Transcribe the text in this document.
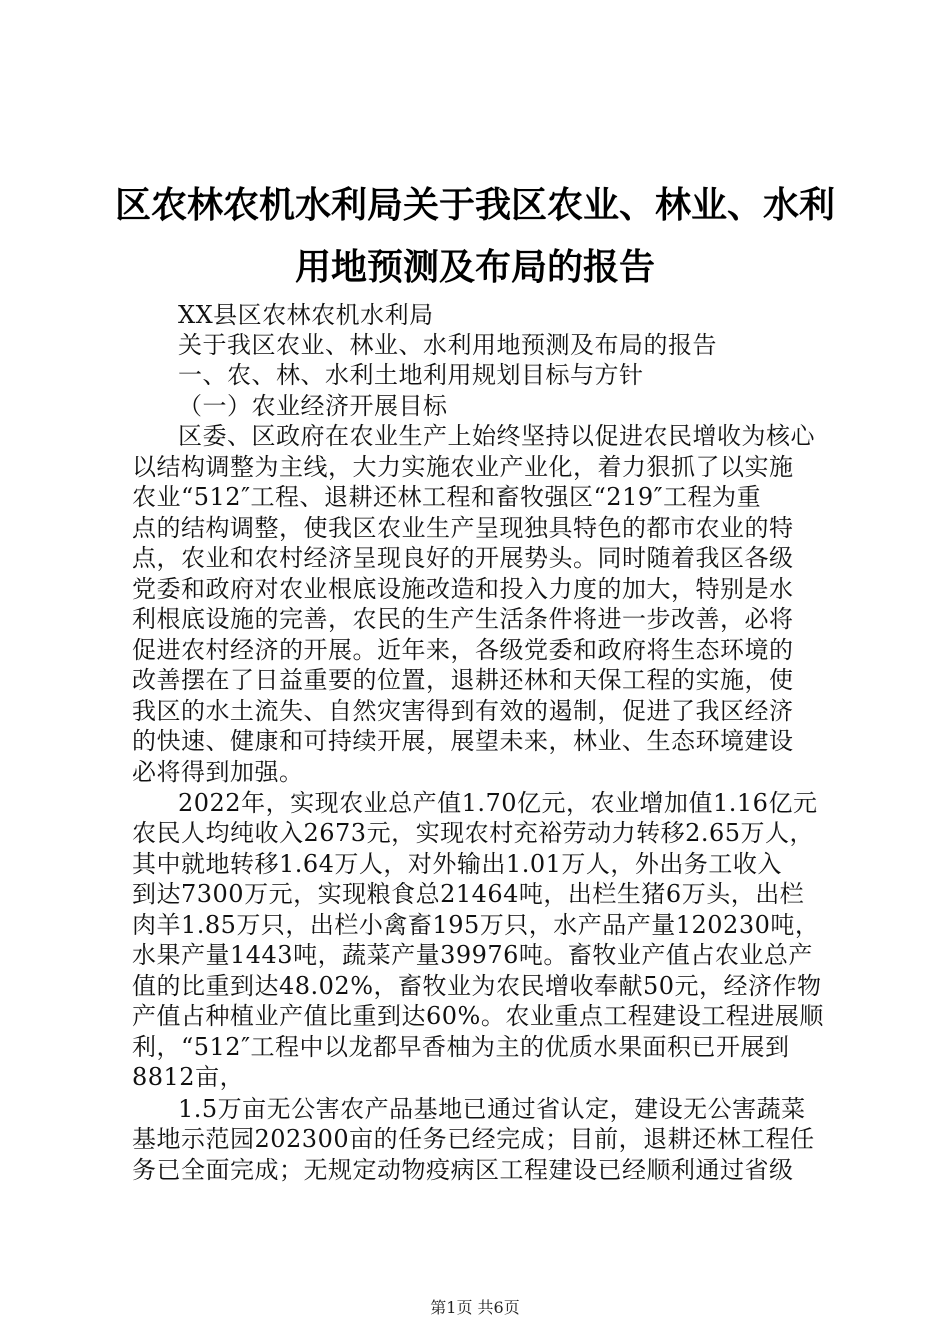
区农林农机水利局关于我区农业、林业、水利
用地预测及布局的报告
XX县区农林农机水利局
关于我区农业、林业、水利用地预测及布局的报告
一、农、林、水利土地利用规划目标与方针
（一）农业经济开展目标
区委、区政府在农业生产上始终坚持以促进农民增收为核心
以结构调整为主线，大力实施农业产业化，着力狠抓了以实施
农业“512″工程、退耕还林工程和畜牧强区“219″工程为重
点的结构调整，使我区农业生产呈现独具特色的都市农业的特
点，农业和农村经济呈现良好的开展势头。同时随着我区各级
党委和政府对农业根底设施改造和投入力度的加大，特别是水
利根底设施的完善，农民的生产生活条件将进一步改善，必将
促进农村经济的开展。近年来，各级党委和政府将生态环境的
改善摆在了日益重要的位置，退耕还林和天保工程的实施，使
我区的水土流失、自然灾害得到有效的遏制，促进了我区经济
的快速、健康和可持续开展，展望未来，林业、生态环境建设
必将得到加强。
2022年，实现农业总产值1.70亿元，农业增加值1.16亿元
农民人均纯收入2673元，实现农村充裕劳动力转移2.65万人，
其中就地转移1.64万人，对外输出1.01万人，外出务工收入
到达7300万元，实现粮食总21464吨，出栏生猪6万头，出栏
肉羊1.85万只，出栏小禽畜195万只，水产品产量120230吨，
水果产量1443吨，蔬菜产量39976吨。畜牧业产值占农业总产
值的比重到达48.02%，畜牧业为农民增收奉献50元，经济作物
产值占种植业产值比重到达60%。农业重点工程建设工程进展顺
利，“512″工程中以龙都早香柚为主的优质水果面积已开展到
8812亩，
1.5万亩无公害农产品基地已通过省认定，建设无公害蔬菜
基地示范园202300亩的任务已经完成；目前，退耕还林工程任
务已全面完成；无规定动物疫病区工程建设已经顺利通过省级
第1页 共6页
